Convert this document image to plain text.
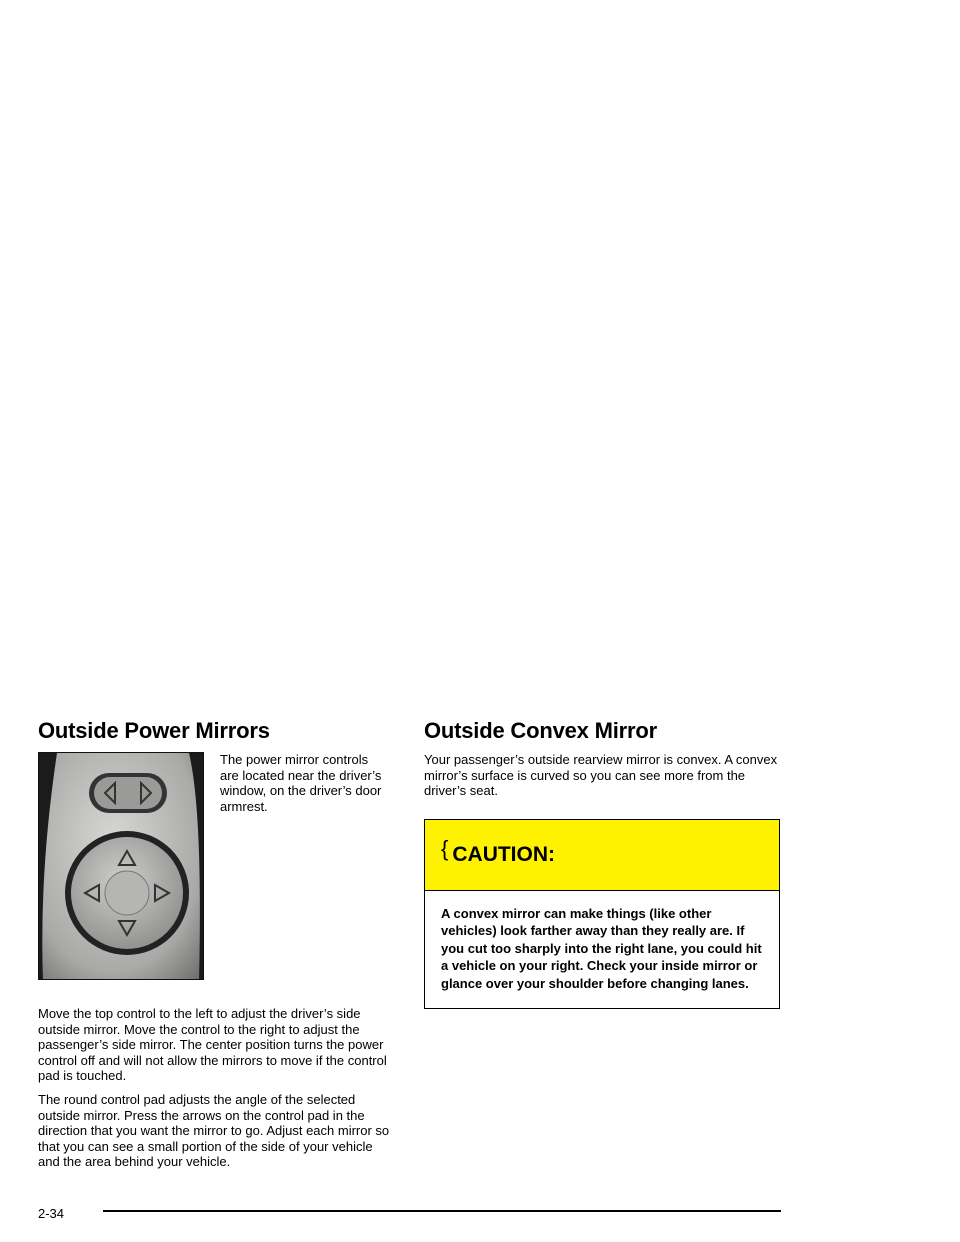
Outside Power Mirrors

The power mirror controls are located near the driver’s window, on the driver’s door armrest.

Move the top control to the left to adjust the driver’s side outside mirror. Move the control to the right to adjust the passenger’s side mirror. The center position turns the power control off and will not allow the mirrors to move if the control pad is touched.

The round control pad adjusts the angle of the selected outside mirror. Press the arrows on the control pad in the direction that you want the mirror to go. Adjust each mirror so that you can see a small portion of the side of your vehicle and the area behind your vehicle.

Outside Convex Mirror

Your passenger’s outside rearview mirror is convex. A convex mirror’s surface is curved so you can see more from the driver’s seat.

{ CAUTION:

A convex mirror can make things (like other vehicles) look farther away than they really are. If you cut too sharply into the right lane, you could hit a vehicle on your right. Check your inside mirror or glance over your shoulder before changing lanes.

2-34
